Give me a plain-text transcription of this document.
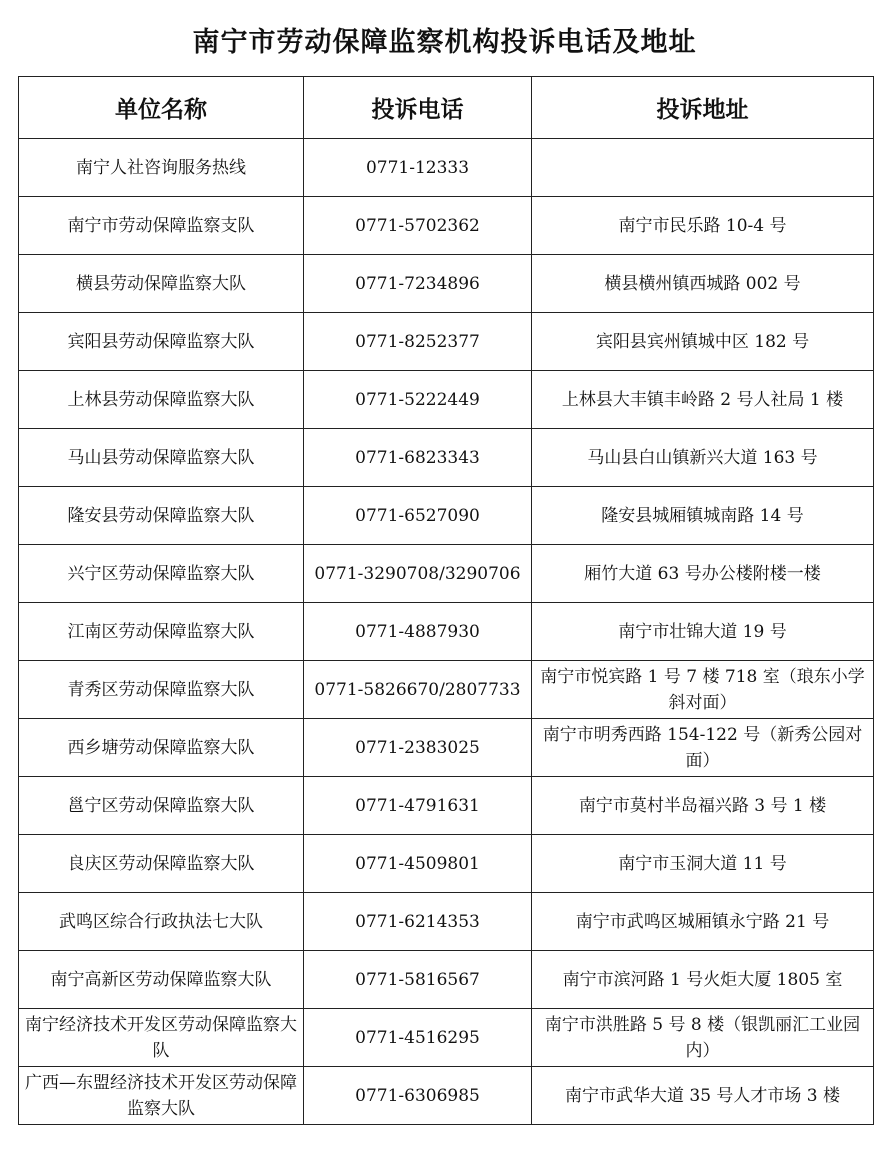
南宁市劳动保障监察机构投诉电话及地址
单位名称	投诉电话	投诉地址
南宁人社咨询服务热线	0771-12333	
南宁市劳动保障监察支队	0771-5702362	南宁市民乐路 10-4 号
横县劳动保障监察大队	0771-7234896	横县横州镇西城路 002 号
宾阳县劳动保障监察大队	0771-8252377	宾阳县宾州镇城中区 182 号
上林县劳动保障监察大队	0771-5222449	上林县大丰镇丰岭路 2 号人社局 1 楼
马山县劳动保障监察大队	0771-6823343	马山县白山镇新兴大道 163 号
隆安县劳动保障监察大队	0771-6527090	隆安县城厢镇城南路 14 号
兴宁区劳动保障监察大队	0771-3290708/3290706	厢竹大道 63 号办公楼附楼一楼
江南区劳动保障监察大队	0771-4887930	南宁市壮锦大道 19 号
青秀区劳动保障监察大队	0771-5826670/2807733	南宁市悦宾路 1 号 7 楼 718 室（琅东小学斜对面）
西乡塘劳动保障监察大队	0771-2383025	南宁市明秀西路 154-122 号（新秀公园对面）
邕宁区劳动保障监察大队	0771-4791631	南宁市莫村半岛福兴路 3 号 1 楼
良庆区劳动保障监察大队	0771-4509801	南宁市玉洞大道 11 号
武鸣区综合行政执法七大队	0771-6214353	南宁市武鸣区城厢镇永宁路 21 号
南宁高新区劳动保障监察大队	0771-5816567	南宁市滨河路 1 号火炬大厦 1805 室
南宁经济技术开发区劳动保障监察大队	0771-4516295	南宁市洪胜路 5 号 8 楼（银凯丽汇工业园内）
广西—东盟经济技术开发区劳动保障监察大队	0771-6306985	南宁市武华大道 35 号人才市场 3 楼
